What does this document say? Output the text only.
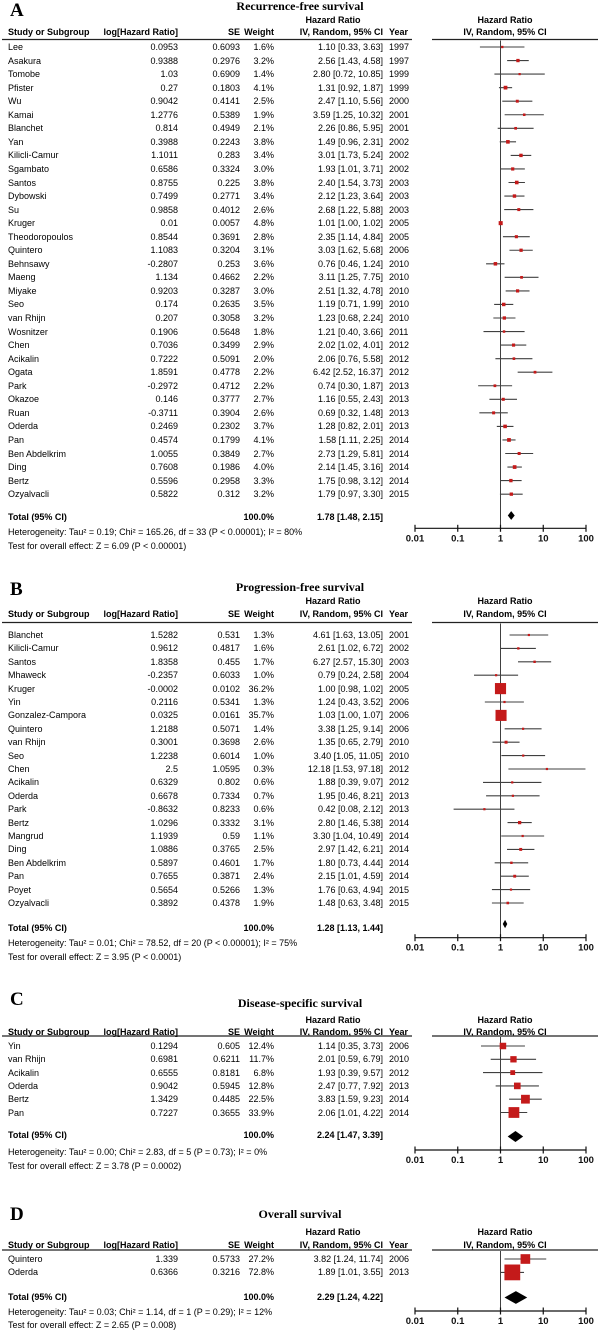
A	Recurrence-free survival
Hazard Ratio	Hazard Ratio
Study or Subgroup	log[Hazard Ratio]	SE Weight	IV, Random, 95% CI Year	IV, Random, 95% CI
Lee	0.0953	0.6093	1.6%	1.10 [0.33, 3.63] 1997
Asakura	0.9388	0.2976	3.2%	2.56 [1.43, 4.58] 1997
Tomobe	1.03	0.6909	1.4%	2.80 [0.72, 10.85] 1999
Pfister	0.27	0.1803	4.1%	1.31 [0.92, 1.87] 1999
Wu	0.9042	0.4141	2.5%	2.47 [1.10, 5.56] 2000
Kamai	1.2776	0.5389	1.9%	3.59 [1.25, 10.32] 2001
Blanchet	0.814	0.4949	2.1%	2.26 [0.86, 5.95] 2001
Yan	0.3988	0.2243	3.8%	1.49 [0.96, 2.31] 2002
Kilicli-Camur	1.1011	0.283	3.4%	3.01 [1.73, 5.24] 2002
Sgambato	0.6586	0.3324	3.0%	1.93 [1.01, 3.71] 2002
Santos	0.8755	0.225	3.8%	2.40 [1.54, 3.73] 2003
Dybowski	0.7499	0.2771	3.4%	2.12 [1.23, 3.64] 2003
Su	0.9858	0.4012	2.6%	2.68 [1.22, 5.88] 2003
Kruger	0.01	0.0057	4.8%	1.01 [1.00, 1.02] 2005
Theodoropoulos	0.8544	0.3691	2.8%	2.35 [1.14, 4.84] 2005
Quintero	1.1083	0.3204	3.1%	3.03 [1.62, 5.68] 2006
Behnsawy	-0.2807	0.253	3.6%	0.76 [0.46, 1.24] 2010
Maeng	1.134	0.4662	2.2%	3.11 [1.25, 7.75] 2010
Miyake	0.9203	0.3287	3.0%	2.51 [1.32, 4.78] 2010
Seo	0.174	0.2635	3.5%	1.19 [0.71, 1.99] 2010
van Rhijn	0.207	0.3058	3.2%	1.23 [0.68, 2.24] 2010
Wosnitzer	0.1906	0.5648	1.8%	1.21 [0.40, 3.66] 2011
Chen	0.7036	0.3499	2.9%	2.02 [1.02, 4.01] 2012
Acikalin	0.7222	0.5091	2.0%	2.06 [0.76, 5.58] 2012
Ogata	1.8591	0.4778	2.2%	6.42 [2.52, 16.37] 2012
Park	-0.2972	0.4712	2.2%	0.74 [0.30, 1.87] 2013
Okazoe	0.146	0.3777	2.7%	1.16 [0.55, 2.43] 2013
Ruan	-0.3711	0.3904	2.6%	0.69 [0.32, 1.48] 2013
Oderda	0.2469	0.2302	3.7%	1.28 [0.82, 2.01] 2013
Pan	0.4574	0.1799	4.1%	1.58 [1.11, 2.25] 2014
Ben Abdelkrim	1.0055	0.3849	2.7%	2.73 [1.29, 5.81] 2014
Ding	0.7608	0.1986	4.0%	2.14 [1.45, 3.16] 2014
Bertz	0.5596	0.2958	3.3%	1.75 [0.98, 3.12] 2014
Ozyalvacli	0.5822	0.312	3.2%	1.79 [0.97, 3.30] 2015
Total (95% CI)	100.0%	1.78 [1.48, 2.15]
Heterogeneity: Tau² = 0.19; Chi² = 165.26, df = 33 (P < 0.00001); I² = 80%
Test for overall effect: Z = 6.09 (P < 0.00001)
B	Progression-free survival
Hazard Ratio	Hazard Ratio
Study or Subgroup	log[Hazard Ratio]	SE Weight	IV, Random, 95% CI Year	IV, Random, 95% CI
Blanchet	1.5282	0.531	1.3%	4.61 [1.63, 13.05] 2001
Kilicli-Camur	0.9612	0.4817	1.6%	2.61 [1.02, 6.72] 2002
Santos	1.8358	0.455	1.7%	6.27 [2.57, 15.30] 2003
Mhaweck	-0.2357	0.6033	1.0%	0.79 [0.24, 2.58] 2004
Kruger	-0.0002	0.0102 36.2%	1.00 [0.98, 1.02] 2005
Yin	0.2116	0.5341	1.3%	1.24 [0.43, 3.52] 2006
Gonzalez-Campora	0.0325	0.0161 35.7%	1.03 [1.00, 1.07] 2006
Quintero	1.2188	0.5071	1.4%	3.38 [1.25, 9.14] 2006
van Rhijn	0.3001	0.3698	2.6%	1.35 [0.65, 2.79] 2010
Seo	1.2238	0.6014	1.0%	3.40 [1.05, 11.05] 2010
Chen	2.5	1.0595	0.3%	12.18 [1.53, 97.18] 2012
Acikalin	0.6329	0.802	0.6%	1.88 [0.39, 9.07] 2012
Oderda	0.6678	0.7334	0.7%	1.95 [0.46, 8.21] 2013
Park	-0.8632	0.8233	0.6%	0.42 [0.08, 2.12] 2013
Bertz	1.0296	0.3332	3.1%	2.80 [1.46, 5.38] 2014
Mangrud	1.1939	0.59	1.1%	3.30 [1.04, 10.49] 2014
Ding	1.0886	0.3765	2.5%	2.97 [1.42, 6.21] 2014
Ben Abdelkrim	0.5897	0.4601	1.7%	1.80 [0.73, 4.44] 2014
Pan	0.7655	0.3871	2.4%	2.15 [1.01, 4.59] 2014
Poyet	0.5654	0.5266	1.3%	1.76 [0.63, 4.94] 2015
Ozyalvacli	0.3892	0.4378	1.9%	1.48 [0.63, 3.48] 2015
Total (95% CI)	100.0%	1.28 [1.13, 1.44]
Heterogeneity: Tau² = 0.01; Chi² = 78.52, df = 20 (P < 0.00001); I² = 75%
Test for overall effect: Z = 3.95 (P < 0.0001)
C	Disease-specific survival
Hazard Ratio	Hazard Ratio
Study or Subgroup	log[Hazard Ratio]	SE Weight	IV, Random, 95% CI Year	IV, Random, 95% CI
Yin	0.1294	0.605 12.4%	1.14 [0.35, 3.73] 2006
van Rhijn	0.6981	0.6211	11.7%	2.01 [0.59, 6.79] 2010
Acikalin	0.6555	0.8181	6.8%	1.93 [0.39, 9.57] 2012
Oderda	0.9042	0.5945 12.8%	2.47 [0.77, 7.92] 2013
Bertz	1.3429	0.4485 22.5%	3.83 [1.59, 9.23] 2014
Pan	0.7227	0.3655 33.9%	2.06 [1.01, 4.22] 2014
Total (95% CI)	100.0%	2.24 [1.47, 3.39]
Heterogeneity: Tau² = 0.00; Chi² = 2.83, df = 5 (P = 0.73); I² = 0%
Test for overall effect: Z = 3.78 (P = 0.0002)
D	Overall survival
Hazard Ratio	Hazard Ratio
Study or Subgroup	log[Hazard Ratio]	SE Weight	IV, Random, 95% CI Year	IV, Random, 95% CI
Quintero	1.339	0.5733 27.2%	3.82 [1.24, 11.74] 2006
Oderda	0.6366	0.3216 72.8%	1.89 [1.01, 3.55] 2013
Total (95% CI)	100.0%	2.29 [1.24, 4.22]
Heterogeneity: Tau² = 0.03; Chi² = 1.14, df = 1 (P = 0.29); I² = 12%
Test for overall effect: Z = 2.65 (P = 0.008)
0.01	0.1	1	10	100
0.01	0.1	1	10	100
0.01	0.1	1	10	100
0.01	0.1	1	10	100
